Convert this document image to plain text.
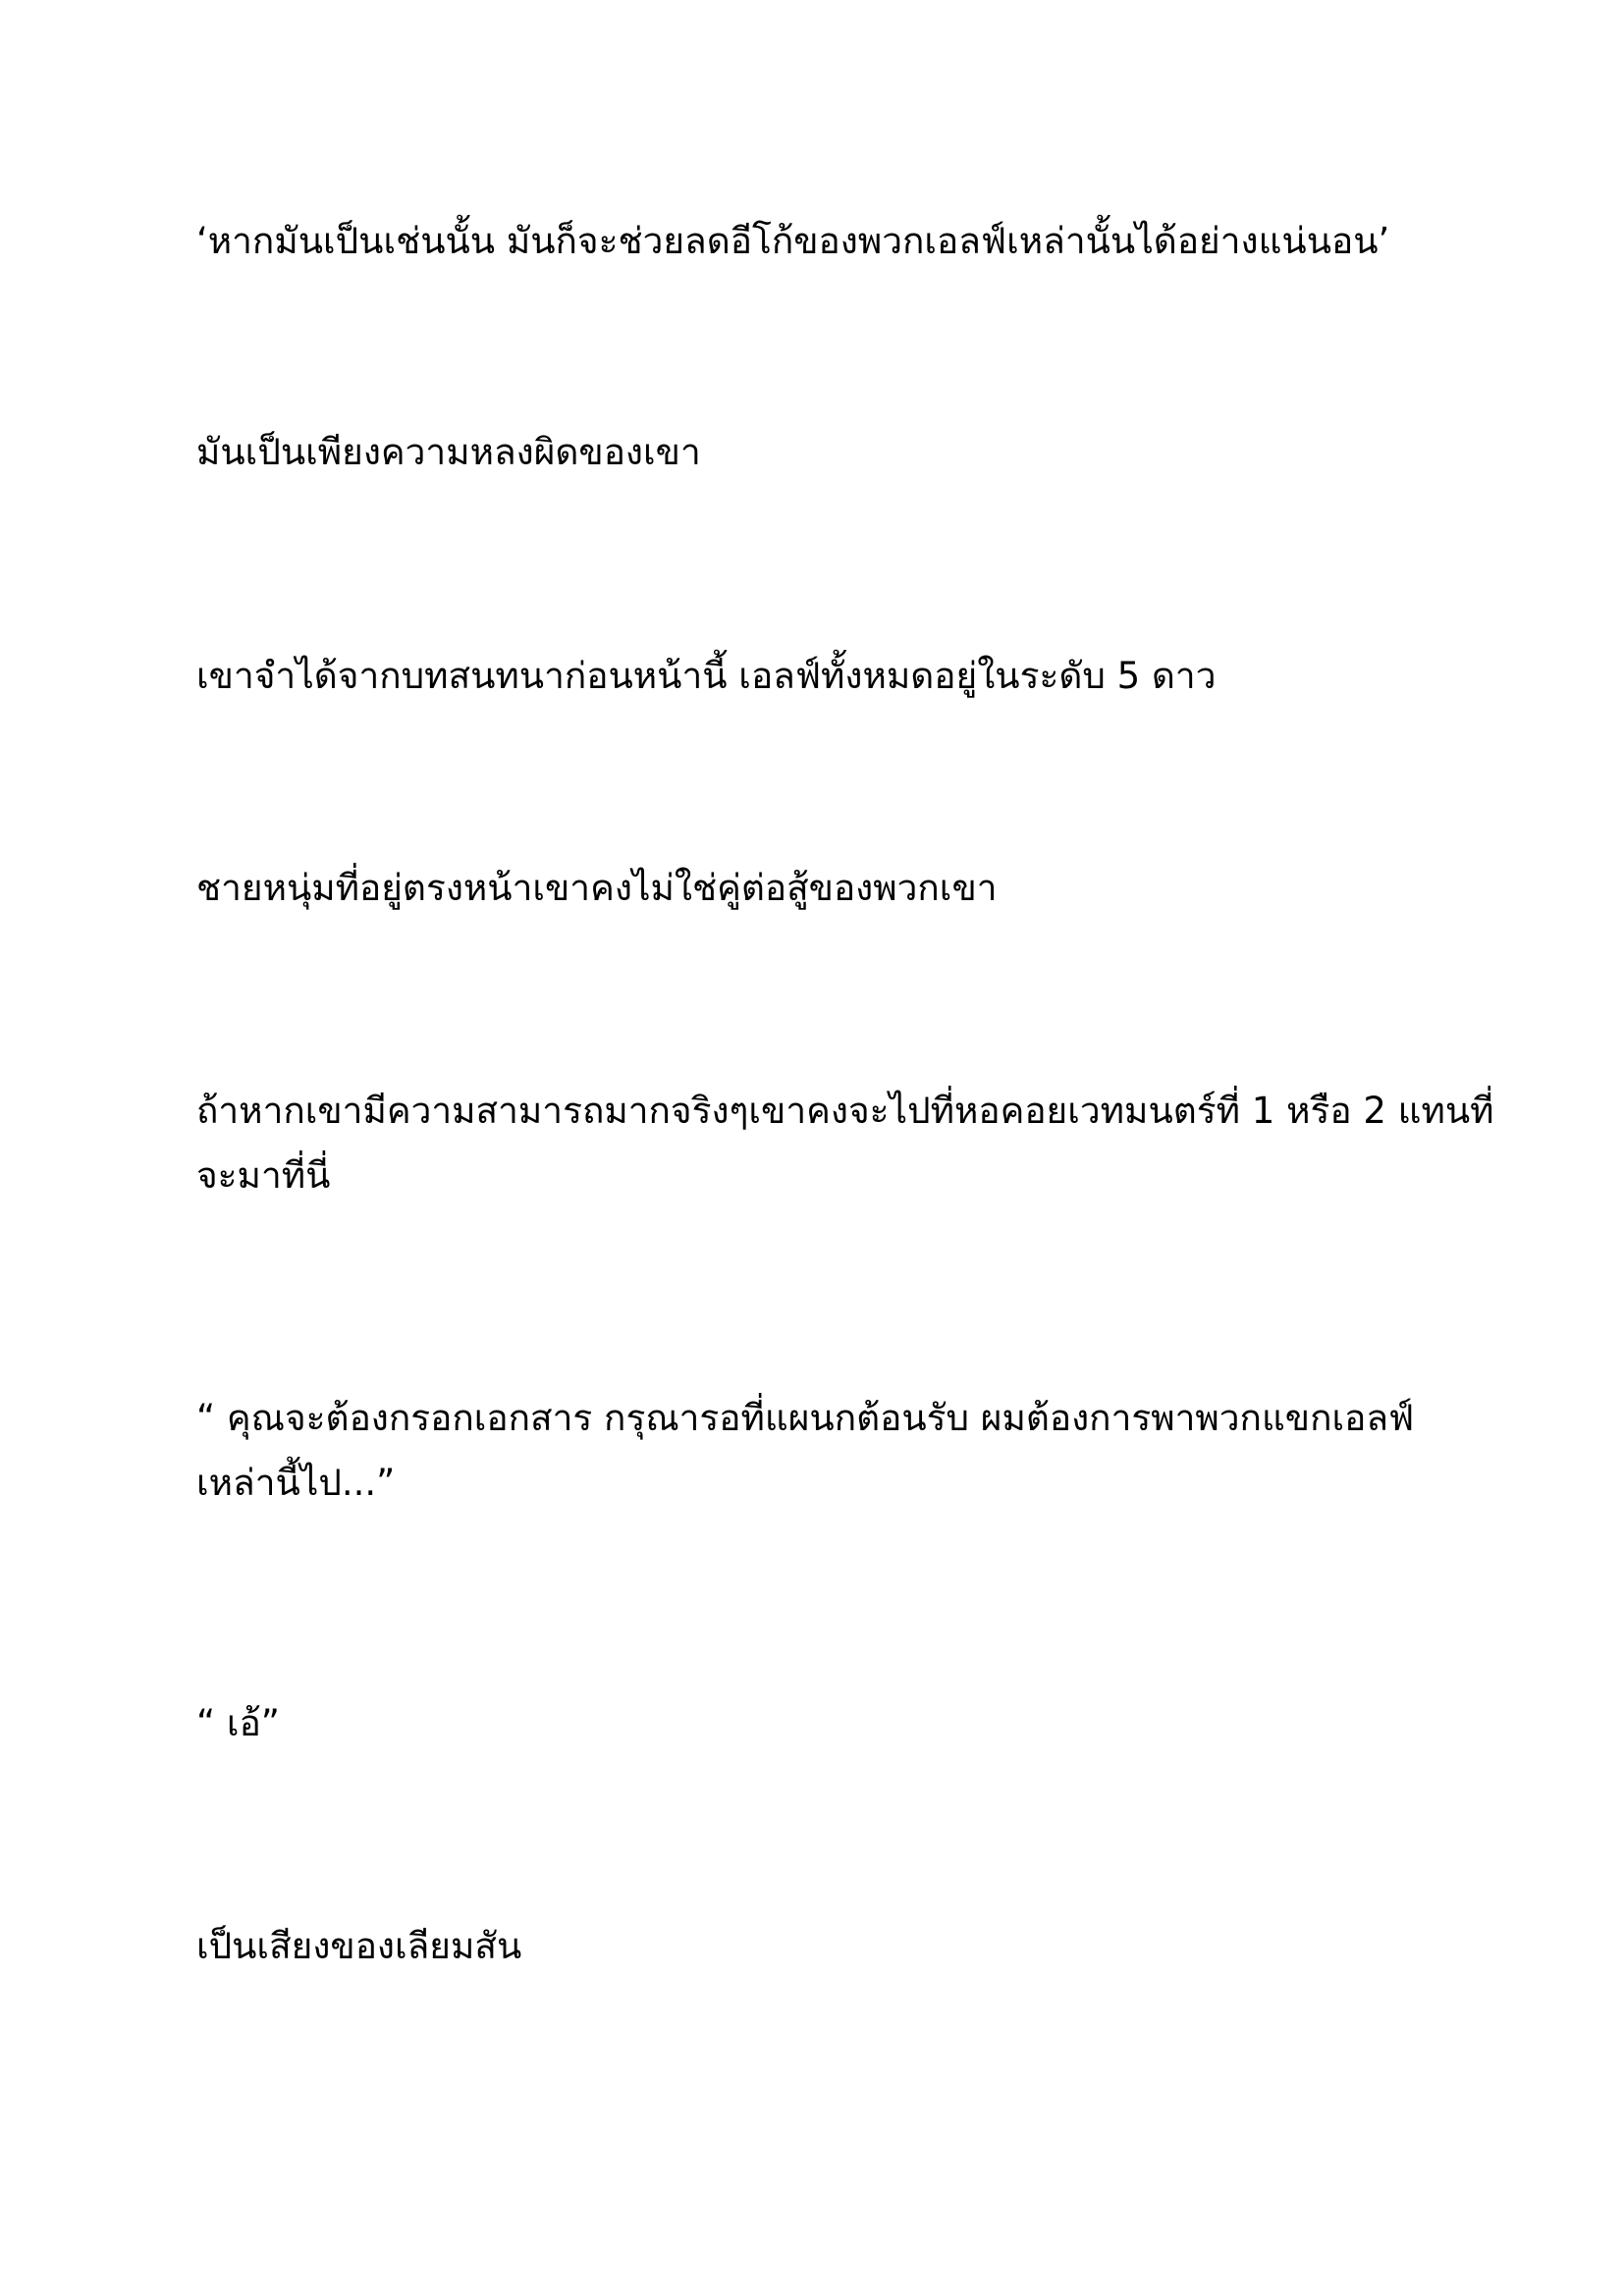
‘หากมันเป็นเช่นนั้น มันก็จะช่วยลดอีโก้ของพวกเอลฟ์เหล่านั้นได้อย่างแน่นอน’

มันเป็นเพียงความหลงผิดของเขา

เขาจำได้จากบทสนทนาก่อนหน้านี้ เอลฟ์ทั้งหมดอยู่ในระดับ 5 ดาว

ชายหนุ่มที่อยู่ตรงหน้าเขาคงไม่ใช่คู่ต่อสู้ของพวกเขา

ถ้าหากเขามีความสามารถมากจริงๆเขาคงจะไปที่หอคอยเวทมนตร์ที่ 1 หรือ 2 แทนที่
จะมาที่นี่

“ คุณจะต้องกรอกเอกสาร กรุณารอที่แผนกต้อนรับ ผมต้องการพาพวกแขกเอลฟ์
เหล่านี้ไป...”

“ เอ้”

เป็นเสียงของเลียมสัน
